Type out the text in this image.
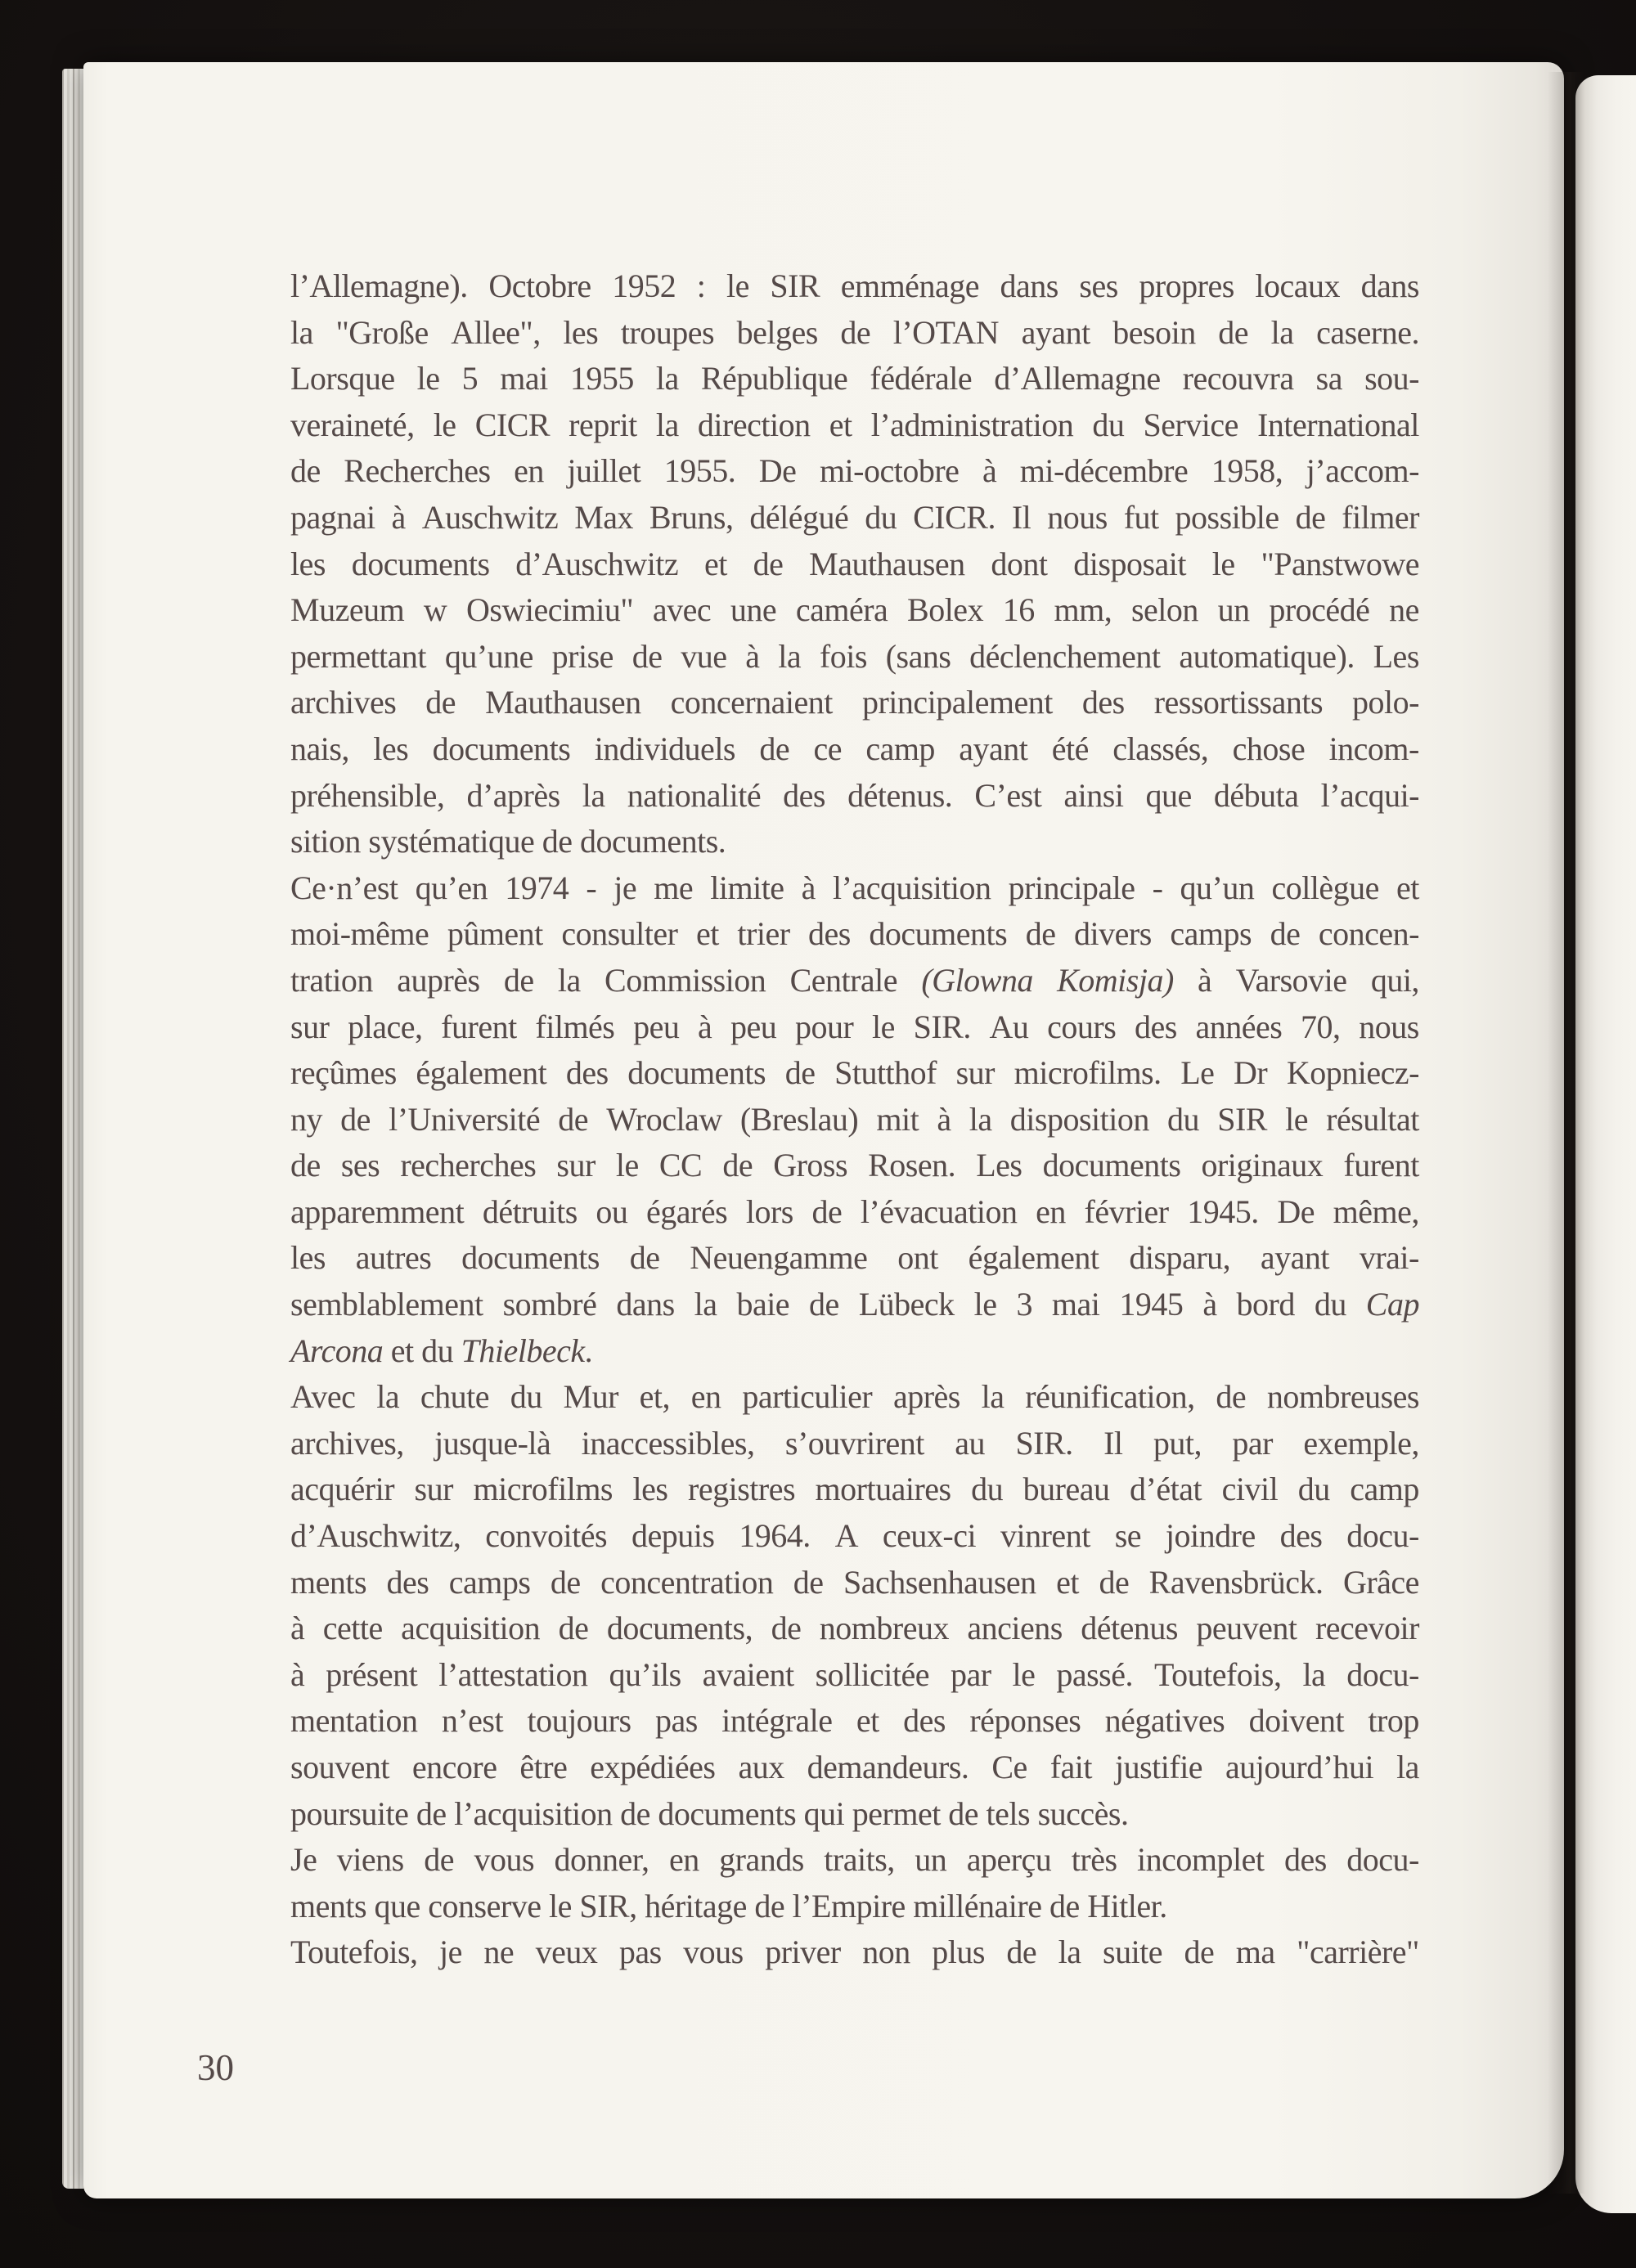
l’Allemagne). Octobre 1952 : le SIR emménage dans ses propres locaux dans
la "Große Allee", les troupes belges de l’OTAN ayant besoin de la caserne.
Lorsque le 5 mai 1955 la République fédérale d’Allemagne recouvra sa sou-
veraineté, le CICR reprit la direction et l’administration du Service International
de Recherches en juillet 1955. De mi-octobre à mi-décembre 1958, j’accom-
pagnai à Auschwitz Max Bruns, délégué du CICR. Il nous fut possible de filmer
les documents d’Auschwitz et de Mauthausen dont disposait le "Panstwowe
Muzeum w Oswiecimiu" avec une caméra Bolex 16 mm, selon un procédé ne
permettant qu’une prise de vue à la fois (sans déclenchement automatique). Les
archives de Mauthausen concernaient principalement des ressortissants polo-
nais, les documents individuels de ce camp ayant été classés, chose incom-
préhensible, d’après la nationalité des détenus. C’est ainsi que débuta l’acqui-
sition systématique de documents.
Ce·n’est qu’en 1974 - je me limite à l’acquisition principale - qu’un collègue et
moi-même pûment consulter et trier des documents de divers camps de concen-
tration auprès de la Commission Centrale (Glowna Komisja) à Varsovie qui,
sur place, furent filmés peu à peu pour le SIR. Au cours des années 70, nous
reçûmes également des documents de Stutthof sur microfilms. Le Dr Kopniecz-
ny de l’Université de Wroclaw (Breslau) mit à la disposition du SIR le résultat
de ses recherches sur le CC de Gross Rosen. Les documents originaux furent
apparemment détruits ou égarés lors de l’évacuation en février 1945. De même,
les autres documents de Neuengamme ont également disparu, ayant vrai-
semblablement sombré dans la baie de Lübeck le 3 mai 1945 à bord du Cap
Arcona et du Thielbeck.
Avec la chute du Mur et, en particulier après la réunification, de nombreuses
archives, jusque-là inaccessibles, s’ouvrirent au SIR. Il put, par exemple,
acquérir sur microfilms les registres mortuaires du bureau d’état civil du camp
d’Auschwitz, convoités depuis 1964. A ceux-ci vinrent se joindre des docu-
ments des camps de concentration de Sachsenhausen et de Ravensbrück. Grâce
à cette acquisition de documents, de nombreux anciens détenus peuvent recevoir
à présent l’attestation qu’ils avaient sollicitée par le passé. Toutefois, la docu-
mentation n’est toujours pas intégrale et des réponses négatives doivent trop
souvent encore être expédiées aux demandeurs. Ce fait justifie aujourd’hui la
poursuite de l’acquisition de documents qui permet de tels succès.
Je viens de vous donner, en grands traits, un aperçu très incomplet des docu-
ments que conserve le SIR, héritage de l’Empire millénaire de Hitler.
Toutefois, je ne veux pas vous priver non plus de la suite de ma "carrière"
30
